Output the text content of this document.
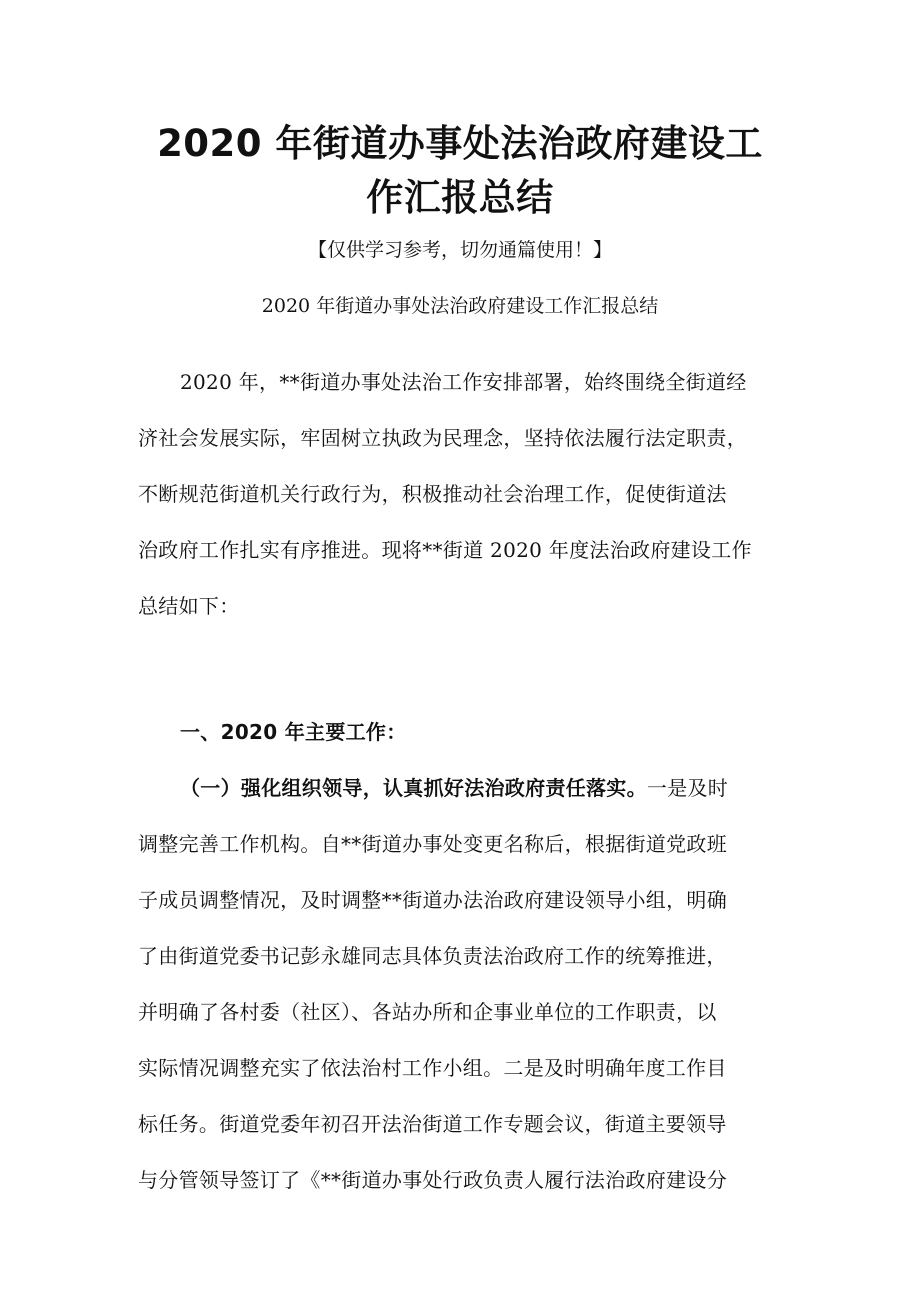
2020 年街道办事处法治政府建设工
作汇报总结
【仅供学习参考，切勿通篇使用！】
2020 年街道办事处法治政府建设工作汇报总结
2020 年，**街道办事处法治工作安排部署，始终围绕全街道经
济社会发展实际，牢固树立执政为民理念，坚持依法履行法定职责，
不断规范街道机关行政行为，积极推动社会治理工作，促使街道法
治政府工作扎实有序推进。现将**街道 2020 年度法治政府建设工作
总结如下：
一、2020 年主要工作：
（一）强化组织领导，认真抓好法治政府责任落实。一是及时
调整完善工作机构。自**街道办事处变更名称后，根据街道党政班
子成员调整情况，及时调整**街道办法治政府建设领导小组，明确
了由街道党委书记彭永雄同志具体负责法治政府工作的统筹推进，
并明确了各村委（社区）、各站办所和企事业单位的工作职责，以
实际情况调整充实了依法治村工作小组。二是及时明确年度工作目
标任务。街道党委年初召开法治街道工作专题会议，街道主要领导
与分管领导签订了《**街道办事处行政负责人履行法治政府建设分
